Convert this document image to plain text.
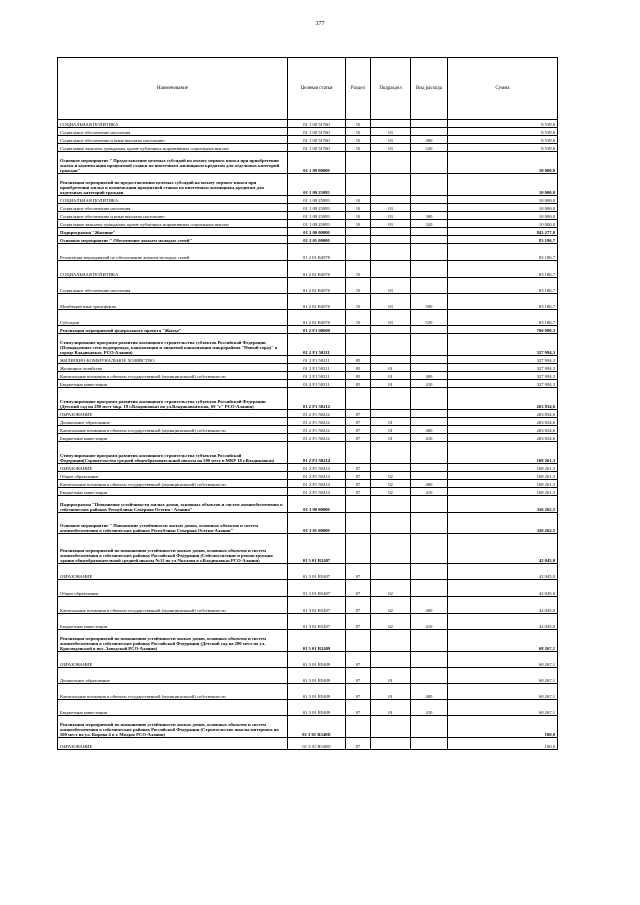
377
Наименование	Целевая статья	Раздел	Подраздел	Вид расхода	Сумма
СОЦИАЛЬНАЯ ПОЛИТИКА	01 1 08 51760	10			8 539,6
Социальное обеспечение населения	01 1 08 51760	10	03		8 539,6
Социальное обеспечение и иные выплаты населению	01 1 08 51760	10	03	300	8 539,6
Социальные выплаты гражданам, кроме публичных нормативных социальных выплат	01 1 08 51760	10	03	320	8 539,6
Основное мероприятие " Предоставление целевых субсидий по оплату первого взноса при приобретении жилья и компенсации процентной ставки по ипотечным жилищным кредитам для отдельных категорий граждан"	01 1 09 00000				10 000,0
Реализация мероприятий по предоставлению целевых субсидий на оплату первого взноса при приобретении жилья и компенсации процентной ставки по ипотечным жилищным кредитам для отдельных категорий граждан	01 1 09 25095				10 000,0
СОЦИАЛЬНАЯ ПОЛИТИКА	01 1 09 25095	10			10 000,0
Социальное обеспечение населения	01 1 09 25095	10	03		10 000,0
Социальное обеспечение и иные выплаты населению	01 1 09 25095	10	03	300	10 000,0
Социальные выплаты гражданам, кроме публичных нормативных социальных выплат	01 1 09 25095	10	03	320	10 000,0
Подпрограмма "Жилище"	01 2 00 00000				843 277,0
Основное мероприятие " Обеспечение жильем молодых семей"	01 2 01 00000				83 186,7
Реализация мероприятий по обеспечению жильем молодых семей	01 2 01 R4970				83 186,7
СОЦИАЛЬНАЯ ПОЛИТИКА	01 2 01 R4970	10			83 186,7
Социальное обеспечение населения	01 2 01 R4970	10	03		83 186,7
Межбюджетные трансферты	01 2 01 R4970	10	03	500	83 186,7
Субсидии	01 2 01 R4970	10	03	520	83 186,7
Реализация мероприятий федерального проекта "Жилье"	01 2 F1 00000				760 090,3
Стимулирование программ развития жилищного строительства субъектов Российской Федерации (Площадочные сети водопровода, канализации и ливневой канализации микрорайона "Новый город" в городе Владикавказ, РСО-Алания)	01 2 F1 50211				327 994,3
ЖИЛИЩНО-КОММУНАЛЬНОЕ ХОЗЯЙСТВО	01 2 F1 50211	05			327 994,3
Жилищное хозяйство	01 2 F1 50211	05	01		327 994,3
Капитальные вложения в объекты государственной (муниципальной) собственности	01 2 F1 50211	05	01	400	327 994,3
Бюджетные инвестиции	01 2 F1 50211	05	01	410	327 994,3
Стимулирование программ развития жилищного строительства субъектов Российской Федерации (Детский сад на 280 мест мкр. 19 г.Владикавказ по ул.Владикавказская, 69 "г" РСО-Алания)	01 2 F1 50212				263 834,6
ОБРАЗОВАНИЕ	01 2 F1 50212	07			263 834,6
Дошкольное образование	01 2 F1 50212	07	01		263 834,6
Капитальные вложения в объекты государственной (муниципальной) собственности	01 2 F1 50212	07	01	400	263 834,6
Бюджетные инвестиции	01 2 F1 50212	07	01	410	263 834,6
Стимулирование программ развития жилищного строительства субъектов Российской Федерации(Строительство средней общеобразовательной школы на 500 мест в МКР 18 г.Владикавказ)	01 2 F1 50214				168 261,3
ОБРАЗОВАНИЕ	01 2 F1 50214	07			168 261,3
Общее образование	01 2 F1 50214	07	02		168 261,3
Капитальные вложения в объекты государственной (муниципальной) собственности	01 2 F1 50214	07	02	400	168 261,3
Бюджетные инвестиции	01 2 F1 50214	07	02	410	168 261,3
Подпрограмма "Повышение устойчивости жилых домов, основных объектов и систем жизнеобеспечения в сейсмических районах Республики Северная Осетия - Алания"	01 3 00 00000				326 262,5
Основное мероприятие " Повышение устойчивости жилых домов, основных объектов и систем жизнеобеспечения в сейсмических районах Республики Северная Осетия-Алания"	01 3 01 00000				326 262,5
Реализация мероприятий по повышению устойчивости жилых домов, основных объектов и систем жизнеобеспечения в сейсмических районах Российской Федерации (Сейсмоусиление и реконструкция здания общеобразовательной средней школы №11 по ул.Чкалова в г.Владикавказ РСО-Алания)	01 3 01 R5407				42 045,0
ОБРАЗОВАНИЕ	01 3 01 R5407	07			42 045,0
Общее образование	01 3 01 R5407	07	02		42 045,0
Капитальные вложения в объекты государственной (муниципальной) собственности	01 3 01 R5407	07	02	400	42 045,0
Бюджетные инвестиции	01 3 01 R5407	07	02	410	42 045,0
Реализация мероприятий по повышению устойчивости жилых домов, основных объектов и систем жизнеобеспечения в сейсмических районах Российской Федерации (Детский сад на 280 мест по ул. Краснодонской в пос. Заводской РСО-Алания)	01 3 01 R5409				68 267,1
ОБРАЗОВАНИЕ	01 3 01 R5409	07			68 267,1
Дошкольное образование	01 3 01 R5409	07	01		68 267,1
Капитальные вложения в объекты государственной (муниципальной) собственности	01 3 01 R5409	07	01	400	68 267,1
Бюджетные инвестиции	01 3 01 R5409	07	01	410	68 267,1
Реализация мероприятий по повышению устойчивости жилых домов, основных объектов и систем жизнеобеспечения в сейсмических районах Российской Федерации (Строительство школы-интерната на 500 мест по ул. Кирова 4 в г. Моздок РСО-Алания)	01 3 01 R540D				100,0
ОБРАЗОВАНИЕ	01 3 01 R540D	07			100,0
